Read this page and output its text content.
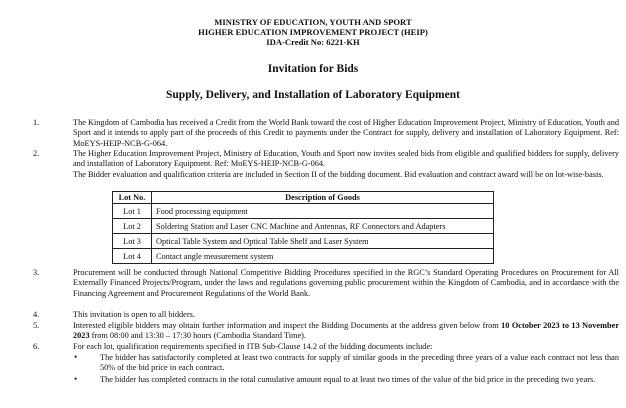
MINISTRY OF EDUCATION, YOUTH AND SPORT
HIGHER EDUCATION IMPROVEMENT PROJECT (HEIP)
IDA-Credit No: 6221-KH
Invitation for Bids
Supply, Delivery, and Installation of Laboratory Equipment
1.	The Kingdom of Cambodia has received a Credit from the World Bank toward the cost of Higher Education Improvement Project, Ministry of Education, Youth and Sport and it intends to apply part of the proceeds of this Credit to payments under the Contract for supply, delivery and installation of Laboratory Equipment. Ref: MoEYS-HEIP-NCB-G-064.
2.	The Higher Education Improvement Project, Ministry of Education, Youth and Sport now invites sealed bids from eligible and qualified bidders for supply, delivery and installation of Laboratory Equipment. Ref: MoEYS-HEIP-NCB-G-064.
The Bidder evaluation and qualification criteria are included in Section II of the bidding document. Bid evaluation and contract award will be on lot-wise-basis.
Lot No.	Description of Goods
Lot 1	Food processing equipment
Lot 2	Soldering Station and Laser CNC Machine and Antennas, RF Connectors and Adapters
Lot 3	Optical Table System and Optical Table Shelf and Laser System
Lot 4	Contact angle measurement system
3.	Procurement will be conducted through National Competitive Bidding Procedures specified in the RGC’s Standard Operating Procedures on Procurement for All Externally Financed Projects/Program, under the laws and regulations governing public procurement within the Kingdom of Cambodia, and in accordance with the Financing Agreement and Procurement Regulations of the World Bank.
4.	This invitation is open to all bidders.
5.	Interested eligible bidders may obtain further information and inspect the Bidding Documents at the address given below from 10 October 2023 to 13 November 2023 from 08:00 and 13:30 – 17:30 hours (Cambodia Standard Time).
6.	For each lot, qualification requirements specified in ITB Sub-Clause 14.2 of the bidding documents include:
•	The bidder has satisfactorily completed at least two contracts for supply of similar goods in the preceding three years of a value each contract not less than 50% of the bid price in each contract.
•	The bidder has completed contracts in the total cumulative amount equal to at least two times of the value of the bid price in the preceding two years.
